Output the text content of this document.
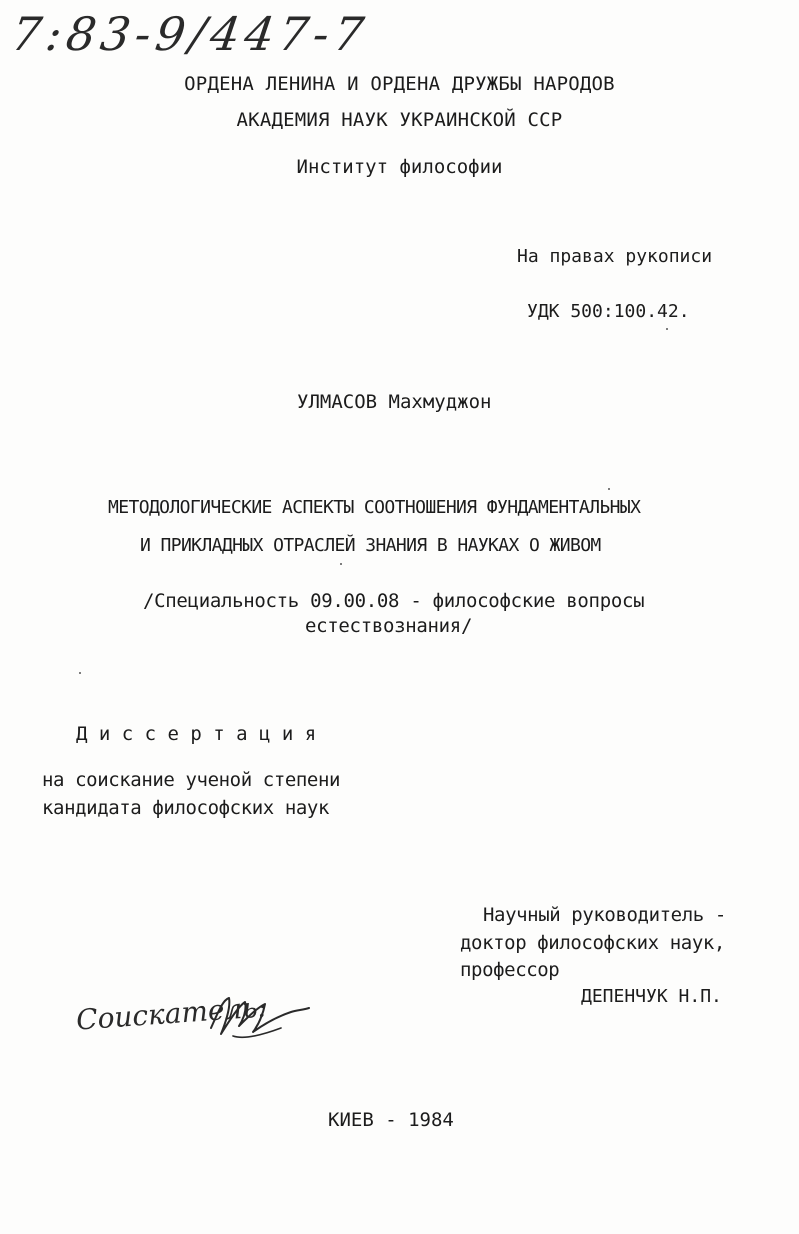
7:83-9/447-7
ОРДЕНА ЛЕНИНА И ОРДЕНА ДРУЖБЫ НАРОДОВ
АКАДЕМИЯ НАУК УКРАИНСКОЙ ССР
Институт философии
На правах рукописи
УДК 500:100.42.
УЛМАСОВ Махмуджон
МЕТОДОЛОГИЧЕСКИЕ АСПЕКТЫ СООТНОШЕНИЯ ФУНДАМЕНТАЛЬНЫХ
И ПРИКЛАДНЫХ ОТРАСЛЕЙ ЗНАНИЯ В НАУКАХ О ЖИВОМ
/Специальность 09.00.08 - философские вопросы
естествознания/
Д и с с е р т а ц и я
на соискание ученой степени
кандидата философских наук
Научный руководитель -
доктор философских наук,
профессор
ДЕПЕНЧУК Н.П.
Соискатель:
КИЕВ - 1984
